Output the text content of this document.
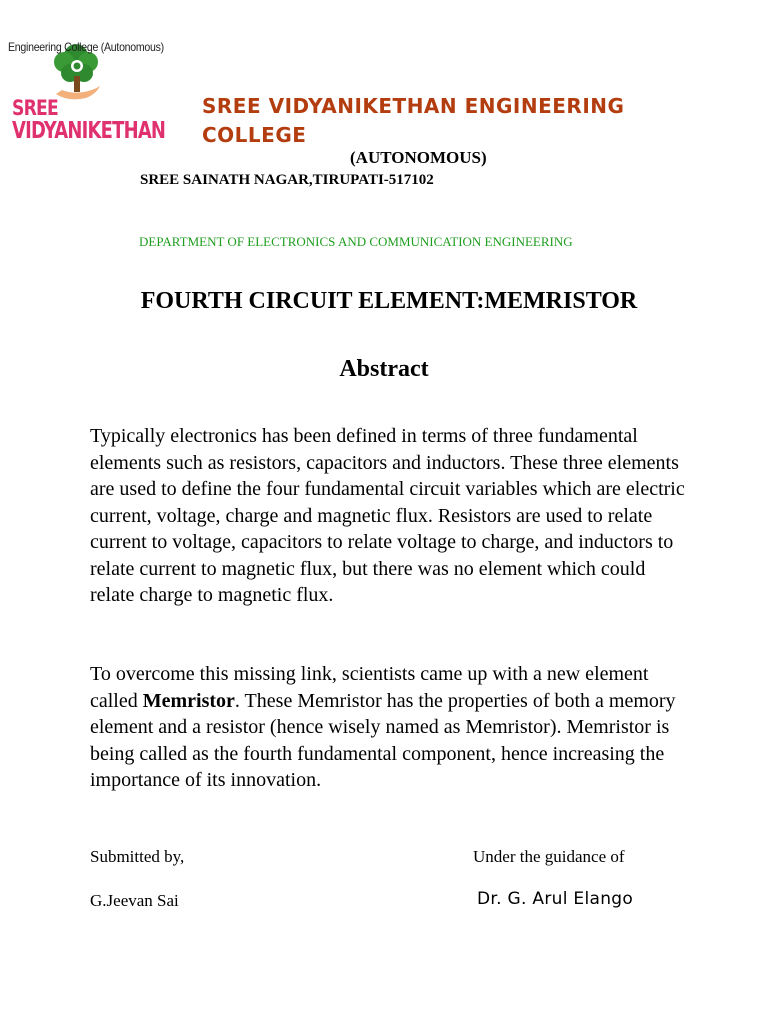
SREE
VIDYANIKETHAN
Engineering College (Autonomous)
SREE VIDYANIKETHAN ENGINEERING COLLEGE
(AUTONOMOUS)
SREE SAINATH NAGAR,TIRUPATI-517102
DEPARTMENT OF ELECTRONICS AND COMMUNICATION ENGINEERING
FOURTH CIRCUIT ELEMENT:MEMRISTOR
Abstract
Typically electronics has been defined in terms of three fundamental elements such as resistors, capacitors and inductors. These three elements are used to define the four fundamental circuit variables which are electric current, voltage, charge and magnetic flux. Resistors are used to relate current to voltage, capacitors to relate voltage to charge, and inductors to relate current to magnetic flux, but there was no element which could relate charge to magnetic flux.
To overcome this missing link, scientists came up with a new element called Memristor. These Memristor has the properties of both a memory element and a resistor (hence wisely named as Memristor). Memristor is being called as the fourth fundamental component, hence increasing the importance of its innovation.
Submitted by,
G.Jeevan Sai
Under the guidance of
Dr. G. Arul Elango
